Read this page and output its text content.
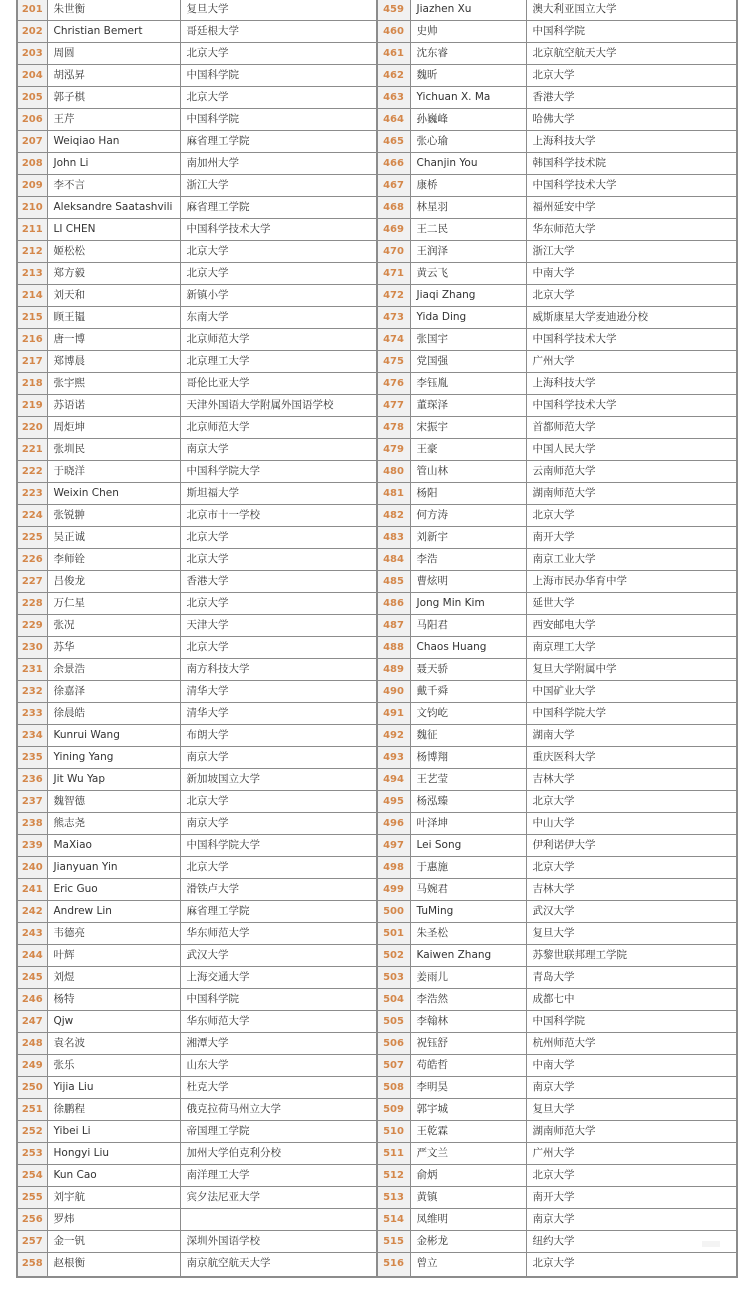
201	朱世衡	复旦大学
202	Christian Bemert	哥廷根大学
203	周圆	北京大学
204	胡泓昇	中国科学院
205	郭子棋	北京大学
206	王芹	中国科学院
207	Weiqiao Han	麻省理工学院
208	John Li	南加州大学
209	李不言	浙江大学
210	Aleksandre Saatashvili	麻省理工学院
211	LI CHEN	中国科学技术大学
212	姬松松	北京大学
213	郑方毅	北京大学
214	刘天和	新镇小学
215	顾王韫	东南大学
216	唐一博	北京师范大学
217	郑博晨	北京理工大学
218	张宇熙	哥伦比亚大学
219	苏语诺	天津外国语大学附属外国语学校
220	周炬坤	北京师范大学
221	张圳民	南京大学
222	于晓洋	中国科学院大学
223	Weixin Chen	斯坦福大学
224	张锐翀	北京市十一学校
225	吴正诚	北京大学
226	李师铨	北京大学
227	吕俊龙	香港大学
228	万仁星	北京大学
229	张况	天津大学
230	苏华	北京大学
231	余景浩	南方科技大学
232	徐嘉泽	清华大学
233	徐晨皓	清华大学
234	Kunrui Wang	布朗大学
235	Yining Yang	南京大学
236	Jit Wu Yap	新加坡国立大学
237	魏智德	北京大学
238	熊志尧	南京大学
239	MaXiao	中国科学院大学
240	Jianyuan Yin	北京大学
241	Eric Guo	滑铁卢大学
242	Andrew Lin	麻省理工学院
243	韦德亮	华东师范大学
244	叶辉	武汉大学
245	刘煜	上海交通大学
246	杨特	中国科学院
247	Qjw	华东师范大学
248	袁名波	湘潭大学
249	张乐	山东大学
250	Yijia Liu	杜克大学
251	徐鹏程	俄克拉荷马州立大学
252	Yibei Li	帝国理工学院
253	Hongyi Liu	加州大学伯克利分校
254	Kun Cao	南洋理工大学
255	刘宇航	宾夕法尼亚大学
256	罗炜	
257	金一钒	深圳外国语学校
258	赵根衡	南京航空航天大学
459	Jiazhen Xu	澳大利亚国立大学
460	史帅	中国科学院
461	沈东睿	北京航空航天大学
462	魏昕	北京大学
463	Yichuan X. Ma	香港大学
464	孙巍峰	哈佛大学
465	张心瑜	上海科技大学
466	Chanjin You	韩国科学技术院
467	康桥	中国科学技术大学
468	林星羽	福州延安中学
469	王二民	华东师范大学
470	王润泽	浙江大学
471	黄云飞	中南大学
472	Jiaqi Zhang	北京大学
473	Yida Ding	威斯康星大学麦迪逊分校
474	张国宇	中国科学技术大学
475	党国强	广州大学
476	李钰胤	上海科技大学
477	董琛泽	中国科学技术大学
478	宋振宇	首都师范大学
479	王豪	中国人民大学
480	管山林	云南师范大学
481	杨阳	湖南师范大学
482	何方涛	北京大学
483	刘新宇	南开大学
484	李浩	南京工业大学
485	曹炫明	上海市民办华育中学
486	Jong Min Kim	延世大学
487	马阳君	西安邮电大学
488	Chaos Huang	南京理工大学
489	聂天骄	复旦大学附属中学
490	戴千舜	中国矿业大学
491	文钧屹	中国科学院大学
492	魏征	湖南大学
493	杨博翔	重庆医科大学
494	王艺莹	吉林大学
495	杨泓臻	北京大学
496	叶泽坤	中山大学
497	Lei Song	伊利诺伊大学
498	于惠施	北京大学
499	马婉君	吉林大学
500	TuMing	武汉大学
501	朱圣松	复旦大学
502	Kaiwen Zhang	苏黎世联邦理工学院
503	姜雨儿	青岛大学
504	李浩然	成都七中
505	李翰林	中国科学院
506	祝钰舒	杭州师范大学
507	苟皓哲	中南大学
508	李明昊	南京大学
509	郭宇城	复旦大学
510	王乾霖	湖南师范大学
511	严文兰	广州大学
512	俞炳	北京大学
513	黄镇	南开大学
514	凤维明	南京大学
515	金彬龙	纽约大学
516	曾立	北京大学
